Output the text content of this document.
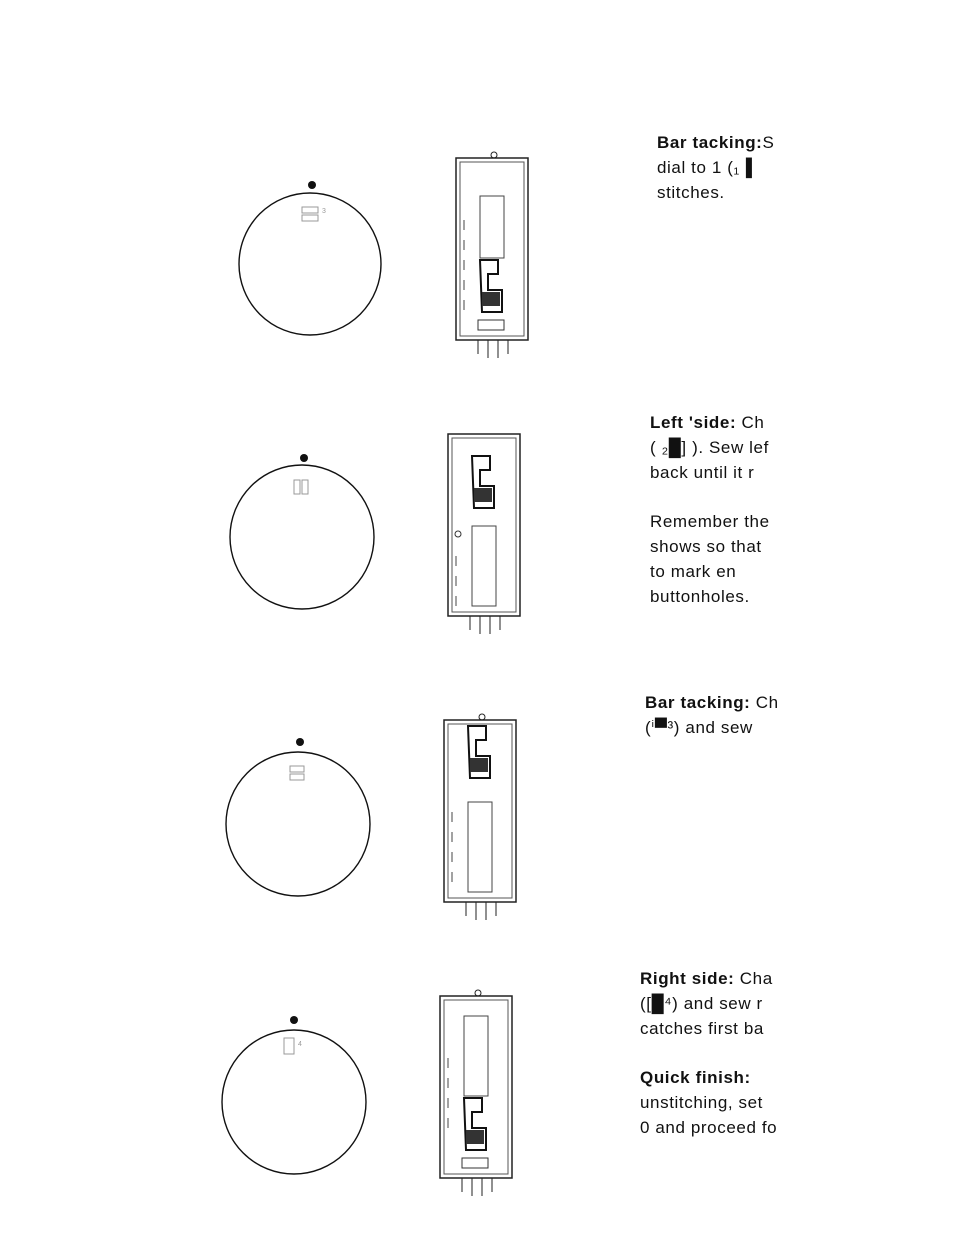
3
Bar tacking:S
dial to 1 (₁▐
stitches.
Left 'side: Ch
( ₂█] ). Sew lef
back until it r
Remember the
shows so that
to mark en
buttonholes.
Bar tacking: Ch
(ⁱ▀³) and sew
4
Right side: Cha
([█⁴) and sew r
catches first ba
Quick finish:
unstitching, set
0 and proceed fo
